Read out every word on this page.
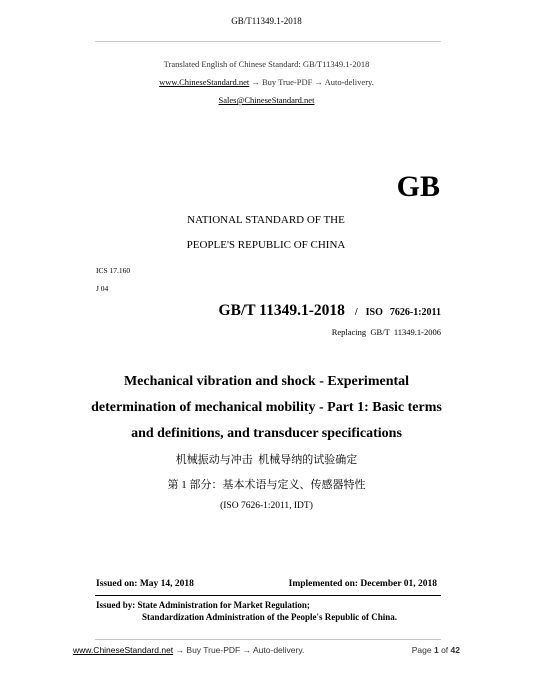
GB/T11349.1-2018
Translated English of Chinese Standard: GB/T11349.1-2018
www.ChineseStandard.net → Buy True-PDF → Auto-delivery.
Sales@ChineseStandard.net
GB
NATIONAL STANDARD OF THE
PEOPLE'S REPUBLIC OF CHINA
ICS 17.160
J 04
GB/T 11349.1-2018 / ISO 7626-1:2011
Replacing  GB/T  11349.1-2006
Mechanical vibration and shock - Experimental
determination of mechanical mobility - Part 1: Basic terms
and definitions, and transducer specifications
机械振动与冲击  机械导纳的试验确定
第 1 部分：基本术语与定义、传感器特性
(ISO 7626-1:2011, IDT)
Issued on: May 14, 2018	Implemented on: December 01, 2018
Issued by: State Administration for Market Regulation;
Standardization Administration of the People's Republic of China.
www.ChineseStandard.net → Buy True-PDF → Auto-delivery.	Page 1 of 42
